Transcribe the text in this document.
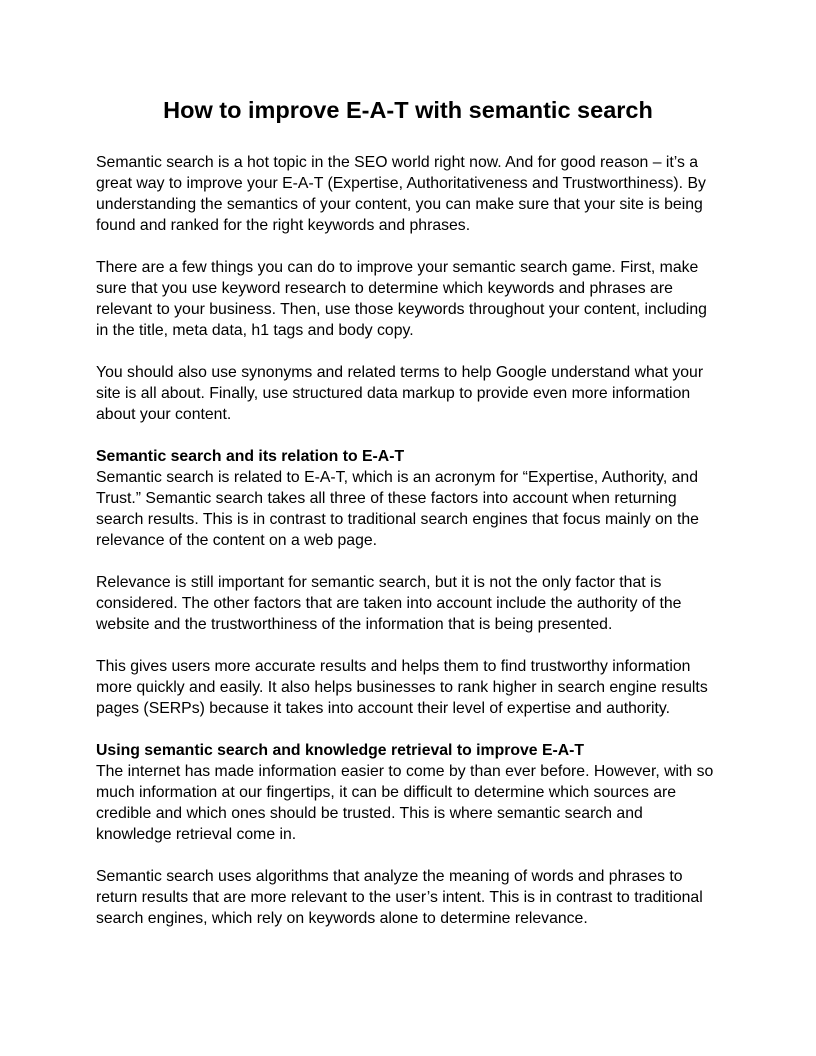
How to improve E-A-T with semantic search

Semantic search is a hot topic in the SEO world right now. And for good reason – it’s a great way to improve your E-A-T (Expertise, Authoritativeness and Trustworthiness). By understanding the semantics of your content, you can make sure that your site is being found and ranked for the right keywords and phrases.

There are a few things you can do to improve your semantic search game. First, make sure that you use keyword research to determine which keywords and phrases are relevant to your business. Then, use those keywords throughout your content, including in the title, meta data, h1 tags and body copy.

You should also use synonyms and related terms to help Google understand what your site is all about. Finally, use structured data markup to provide even more information about your content.

Semantic search and its relation to E-A-T
Semantic search is related to E-A-T, which is an acronym for “Expertise, Authority, and Trust.” Semantic search takes all three of these factors into account when returning search results. This is in contrast to traditional search engines that focus mainly on the relevance of the content on a web page.

Relevance is still important for semantic search, but it is not the only factor that is considered. The other factors that are taken into account include the authority of the website and the trustworthiness of the information that is being presented.

This gives users more accurate results and helps them to find trustworthy information more quickly and easily. It also helps businesses to rank higher in search engine results pages (SERPs) because it takes into account their level of expertise and authority.

Using semantic search and knowledge retrieval to improve E-A-T
The internet has made information easier to come by than ever before. However, with so much information at our fingertips, it can be difficult to determine which sources are credible and which ones should be trusted. This is where semantic search and knowledge retrieval come in.

Semantic search uses algorithms that analyze the meaning of words and phrases to return results that are more relevant to the user’s intent. This is in contrast to traditional search engines, which rely on keywords alone to determine relevance.
